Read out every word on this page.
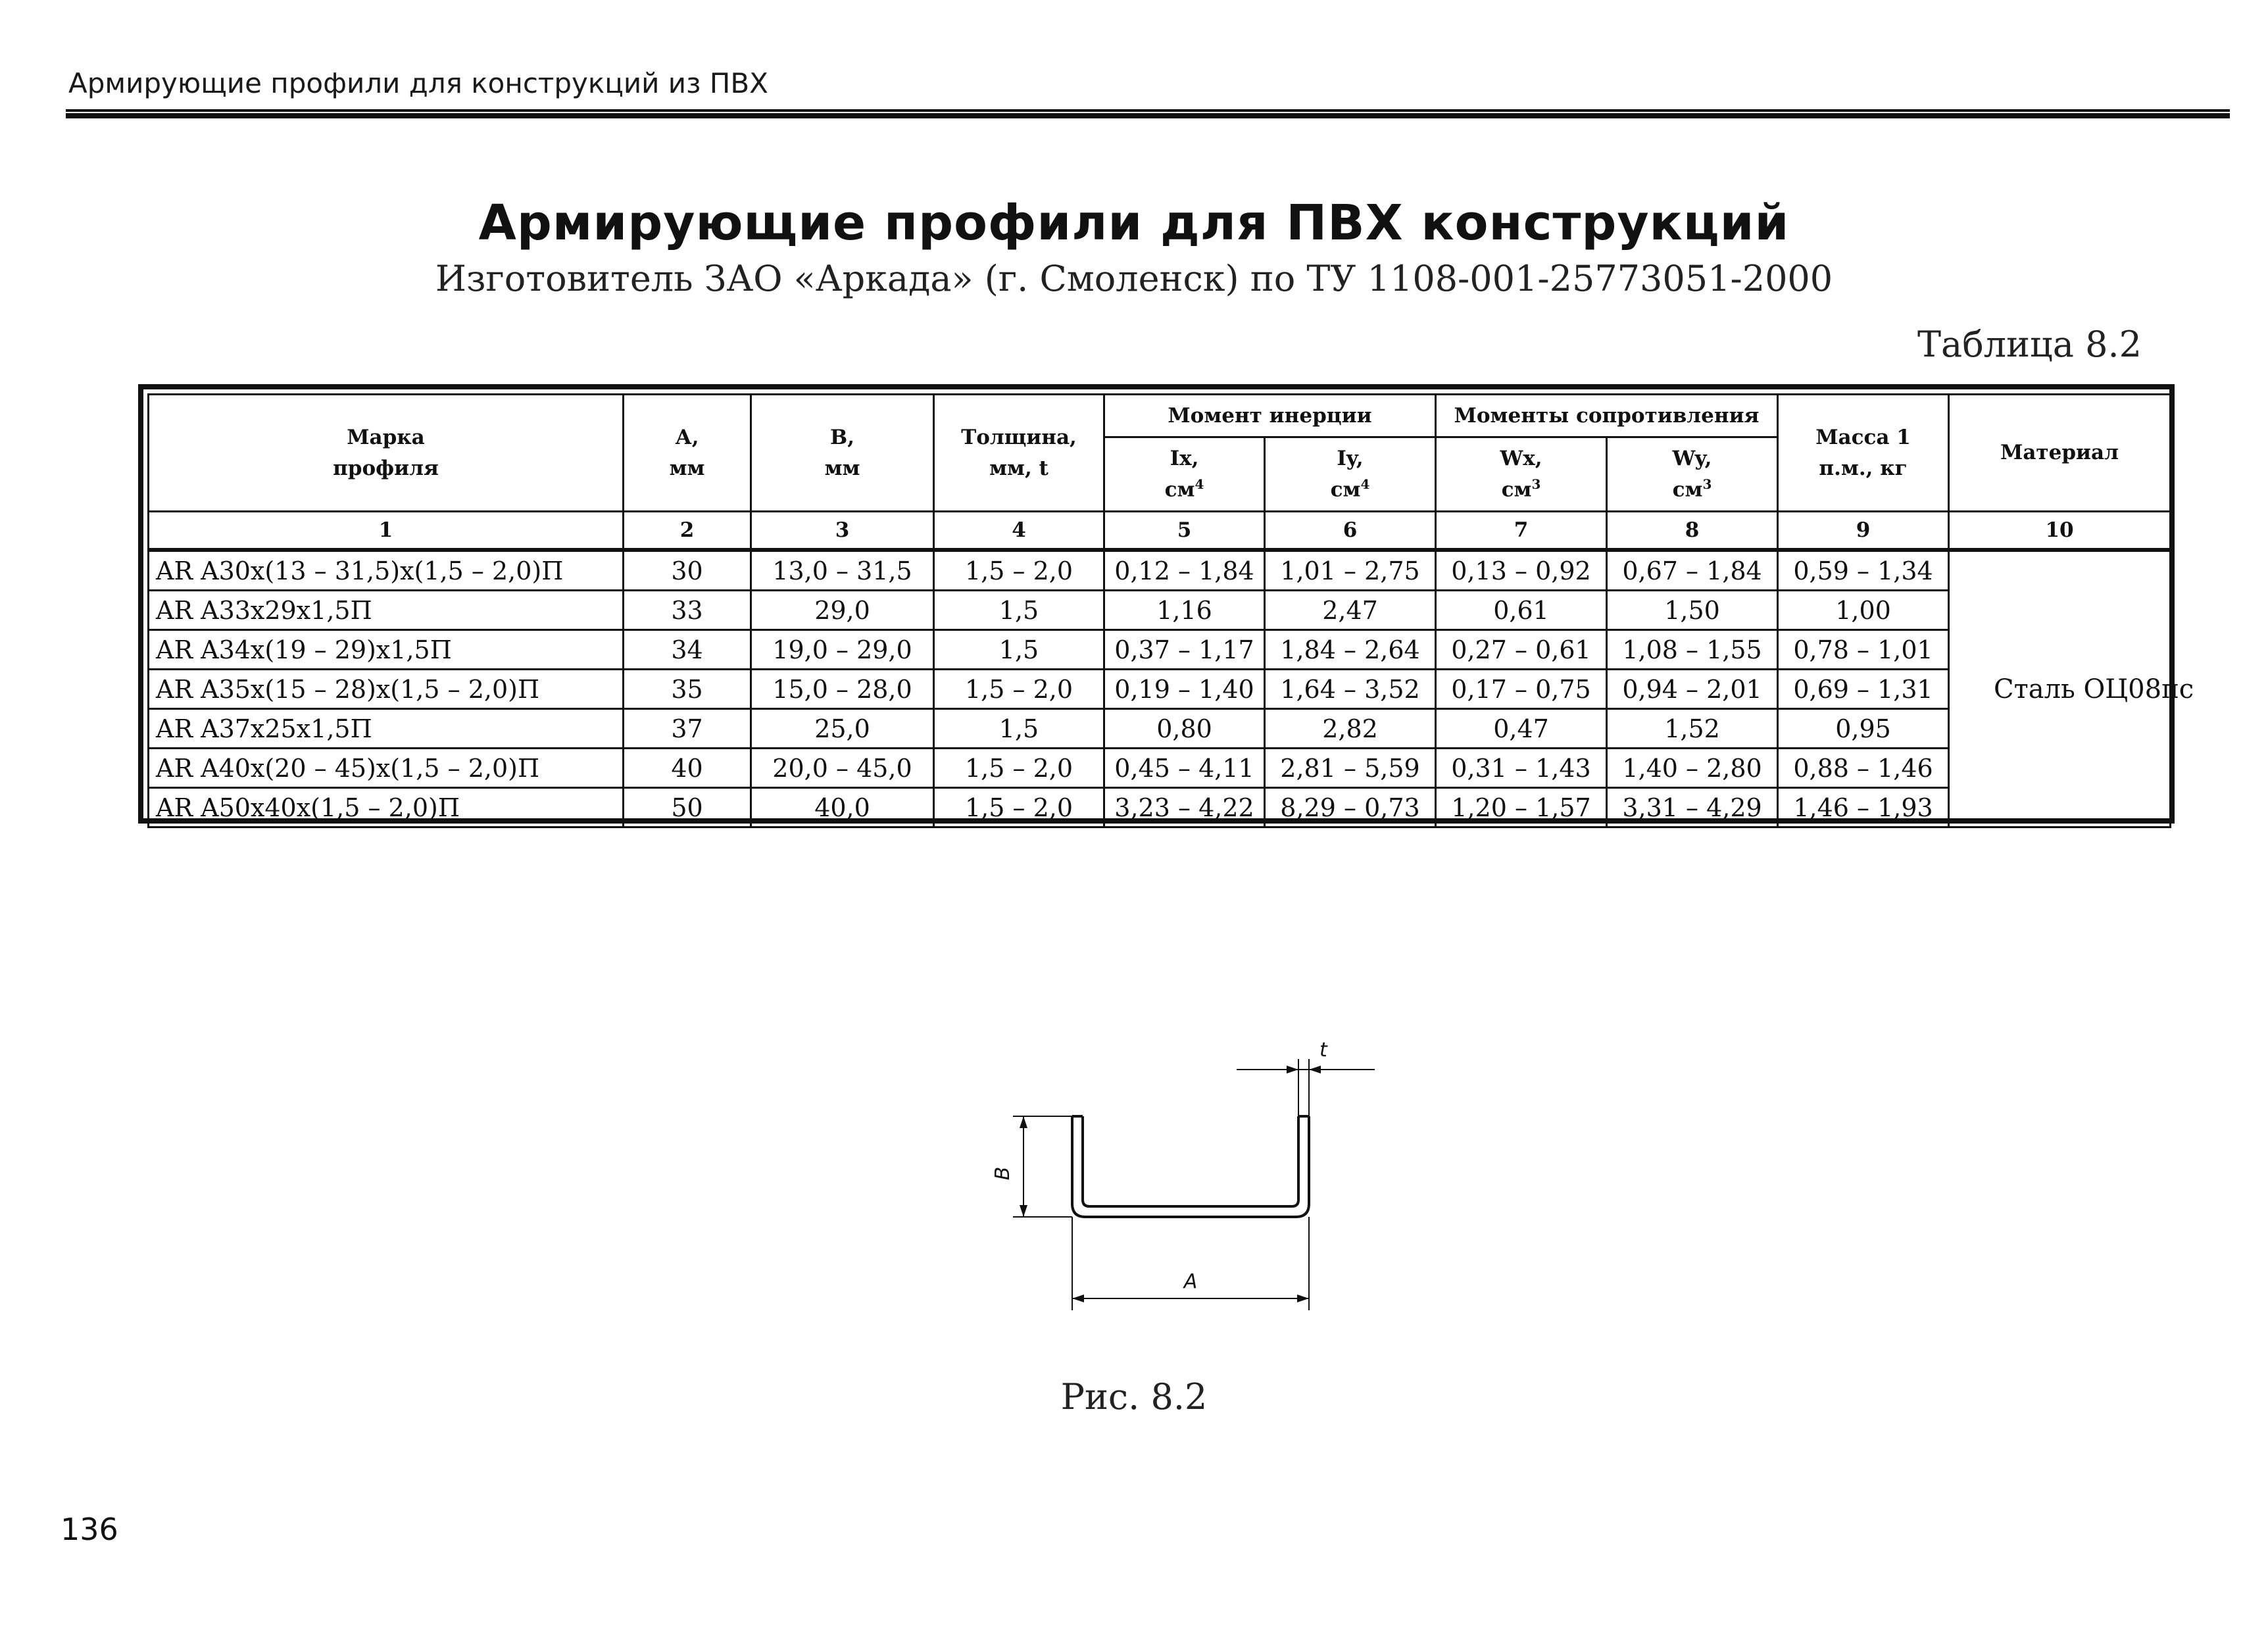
Армирующие профили для конструкций из ПВХ
Армирующие профили для ПВХ конструкций
Изготовитель ЗАО «Аркада» (г. Смоленск) по ТУ 1108-001-25773051-2000
Таблица 8.2
Марка профиля	А, мм	В, мм	Толщина, мм, t	Момент инерции		Моменты сопротивления		Масса 1 п.м., кг	Материал
				Ix, $см^4$	Iy, $см^4$	Wx, $см^3$	Wy, $см^3$
1	2	3	4	5	6	7	8	9	10
AR A30x(13 – 31,5)x(1,5 – 2,0)П	30	13,0 – 31,5	1,5 – 2,0	0,12 – 1,84	1,01 – 2,75	0,13 – 0,92	0,67 – 1,84	0,59 – 1,34	Сталь ОЦ08пс
AR A33x29x1,5П	33	29,0	1,5	1,16	2,47	0,61	1,50	1,00	
AR A34x(19 – 29)x1,5П	34	19,0 – 29,0	1,5	0,37 – 1,17	1,84 – 2,64	0,27 – 0,61	1,08 – 1,55	0,78 – 1,01	
AR A35x(15 – 28)x(1,5 – 2,0)П	35	15,0 – 28,0	1,5 – 2,0	0,19 – 1,40	1,64 – 3,52	0,17 – 0,75	0,94 – 2,01	0,69 – 1,31	
AR A37x25x1,5П	37	25,0	1,5	0,80	2,82	0,47	1,52	0,95	
AR A40x(20 – 45)x(1,5 – 2,0)П	40	20,0 – 45,0	1,5 – 2,0	0,45 – 4,11	2,81 – 5,59	0,31 – 1,43	1,40 – 2,80	0,88 – 1,46	
AR A50x40x(1,5 – 2,0)П	50	40,0	1,5 – 2,0	3,23 – 4,22	8,29 – 0,73	1,20 – 1,57	3,31 – 4,29	1,46 – 1,93	
t
В
А
Рис. 8.2
136
